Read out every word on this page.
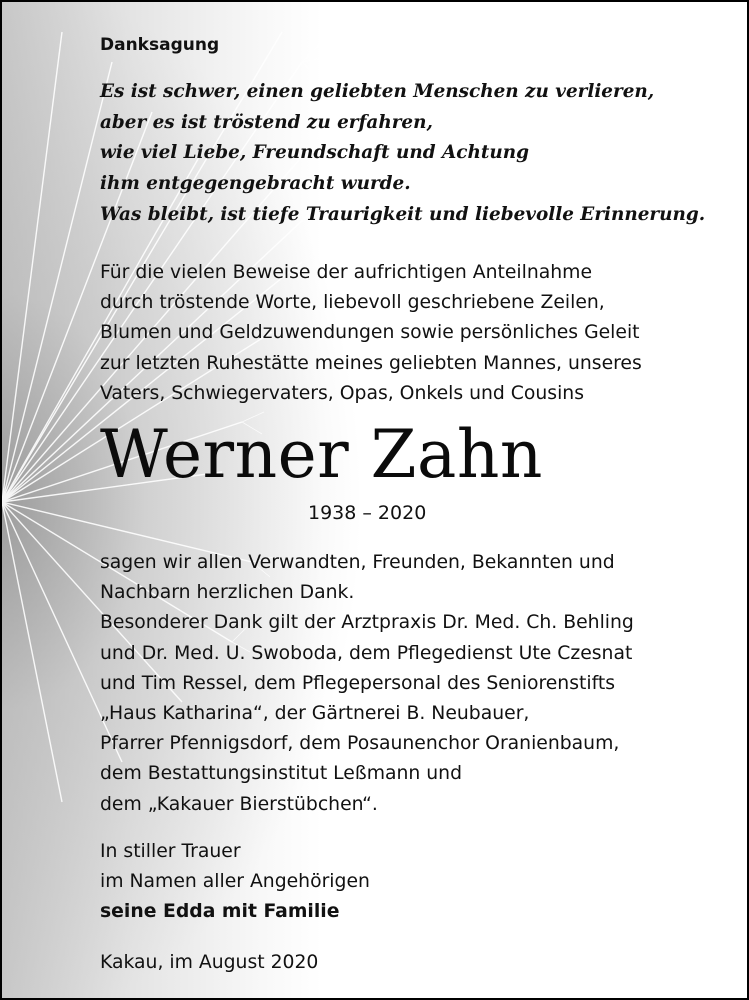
Danksagung
Es ist schwer, einen geliebten Menschen zu verlieren,
aber es ist tröstend zu erfahren,
wie viel Liebe, Freundschaft und Achtung
ihm entgegengebracht wurde.
Was bleibt, ist tiefe Traurigkeit und liebevolle Erinnerung.
Für die vielen Beweise der aufrichtigen Anteilnahme
durch tröstende Worte, liebevoll geschriebene Zeilen,
Blumen und Geldzuwendungen sowie persönliches Geleit
zur letzten Ruhestätte meines geliebten Mannes, unseres
Vaters, Schwiegervaters, Opas, Onkels und Cousins
Werner Zahn
1938 – 2020
sagen wir allen Verwandten, Freunden, Bekannten und
Nachbarn herzlichen Dank.
Besonderer Dank gilt der Arztpraxis Dr. Med. Ch. Behling
und Dr. Med. U. Swoboda, dem Pflegedienst Ute Czesnat
und Tim Ressel, dem Pflegepersonal des Seniorenstifts
„Haus Katharina“, der Gärtnerei B. Neubauer,
Pfarrer Pfennigsdorf, dem Posaunenchor Oranienbaum,
dem Bestattungsinstitut Leßmann und
dem „Kakauer Bierstübchen“.
In stiller Trauer
im Namen aller Angehörigen
seine Edda mit Familie
Kakau, im August 2020
